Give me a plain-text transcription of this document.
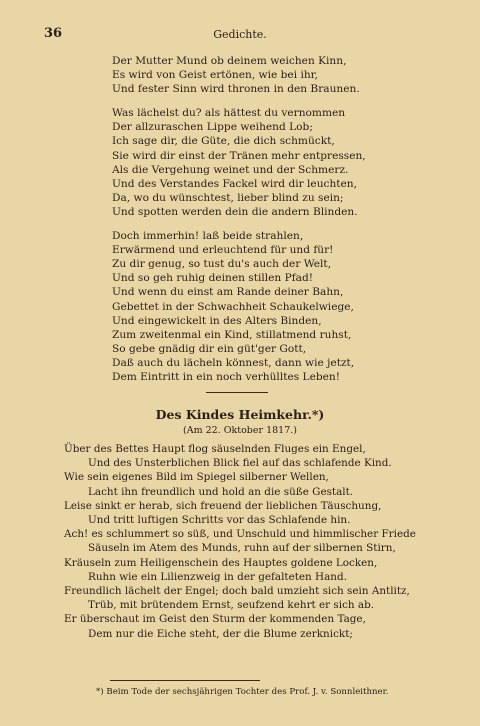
36	Gedichte.
Der Mutter Mund ob deinem weichen Kinn,
Es wird von Geist ertönen, wie bei ihr,
Und fester Sinn wird thronen in den Braunen.
Was lächelst du? als hättest du vernommen
Der allzuraschen Lippe weihend Lob;
Ich sage dir, die Güte, die dich schmückt,
Sie wird dir einst der Tränen mehr entpressen,
Als die Vergehung weinet und der Schmerz.
Und des Verstandes Fackel wird dir leuchten,
Da, wo du wünschtest, lieber blind zu sein;
Und spotten werden dein die andern Blinden.
Doch immerhin! laß beide strahlen,
Erwärmend und erleuchtend für und für!
Zu dir genug, so tust du's auch der Welt,
Und so geh ruhig deinen stillen Pfad!
Und wenn du einst am Rande deiner Bahn,
Gebettet in der Schwachheit Schaukelwiege,
Und eingewickelt in des Alters Binden,
Zum zweitenmal ein Kind, stillatmend ruhst,
So gebe gnädig dir ein güt'ger Gott,
Daß auch du lächeln könnest, dann wie jetzt,
Dem Eintritt in ein noch verhülltes Leben!
Des Kindes Heimkehr.*)
(Am 22. Oktober 1817.)
Über des Bettes Haupt flog säuselnden Fluges ein Engel,
Und des Unsterblichen Blick fiel auf das schlafende Kind.
Wie sein eigenes Bild im Spiegel silberner Wellen,
Lacht ihn freundlich und hold an die süße Gestalt.
Leise sinkt er herab, sich freuend der lieblichen Täuschung,
Und tritt luftigen Schritts vor das Schlafende hin.
Ach! es schlummert so süß, und Unschuld und himmlischer Friede
Säuseln im Atem des Munds, ruhn auf der silbernen Stirn,
Kräuseln zum Heiligenschein des Hauptes goldene Locken,
Ruhn wie ein Lilienzweig in der gefalteten Hand.
Freundlich lächelt der Engel; doch bald umzieht sich sein Antlitz,
Trüb, mit brütendem Ernst, seufzend kehrt er sich ab.
Er überschaut im Geist den Sturm der kommenden Tage,
Dem nur die Eiche steht, der die Blume zerknickt;
*) Beim Tode der sechsjährigen Tochter des Prof. J. v. Sonnleithner.
